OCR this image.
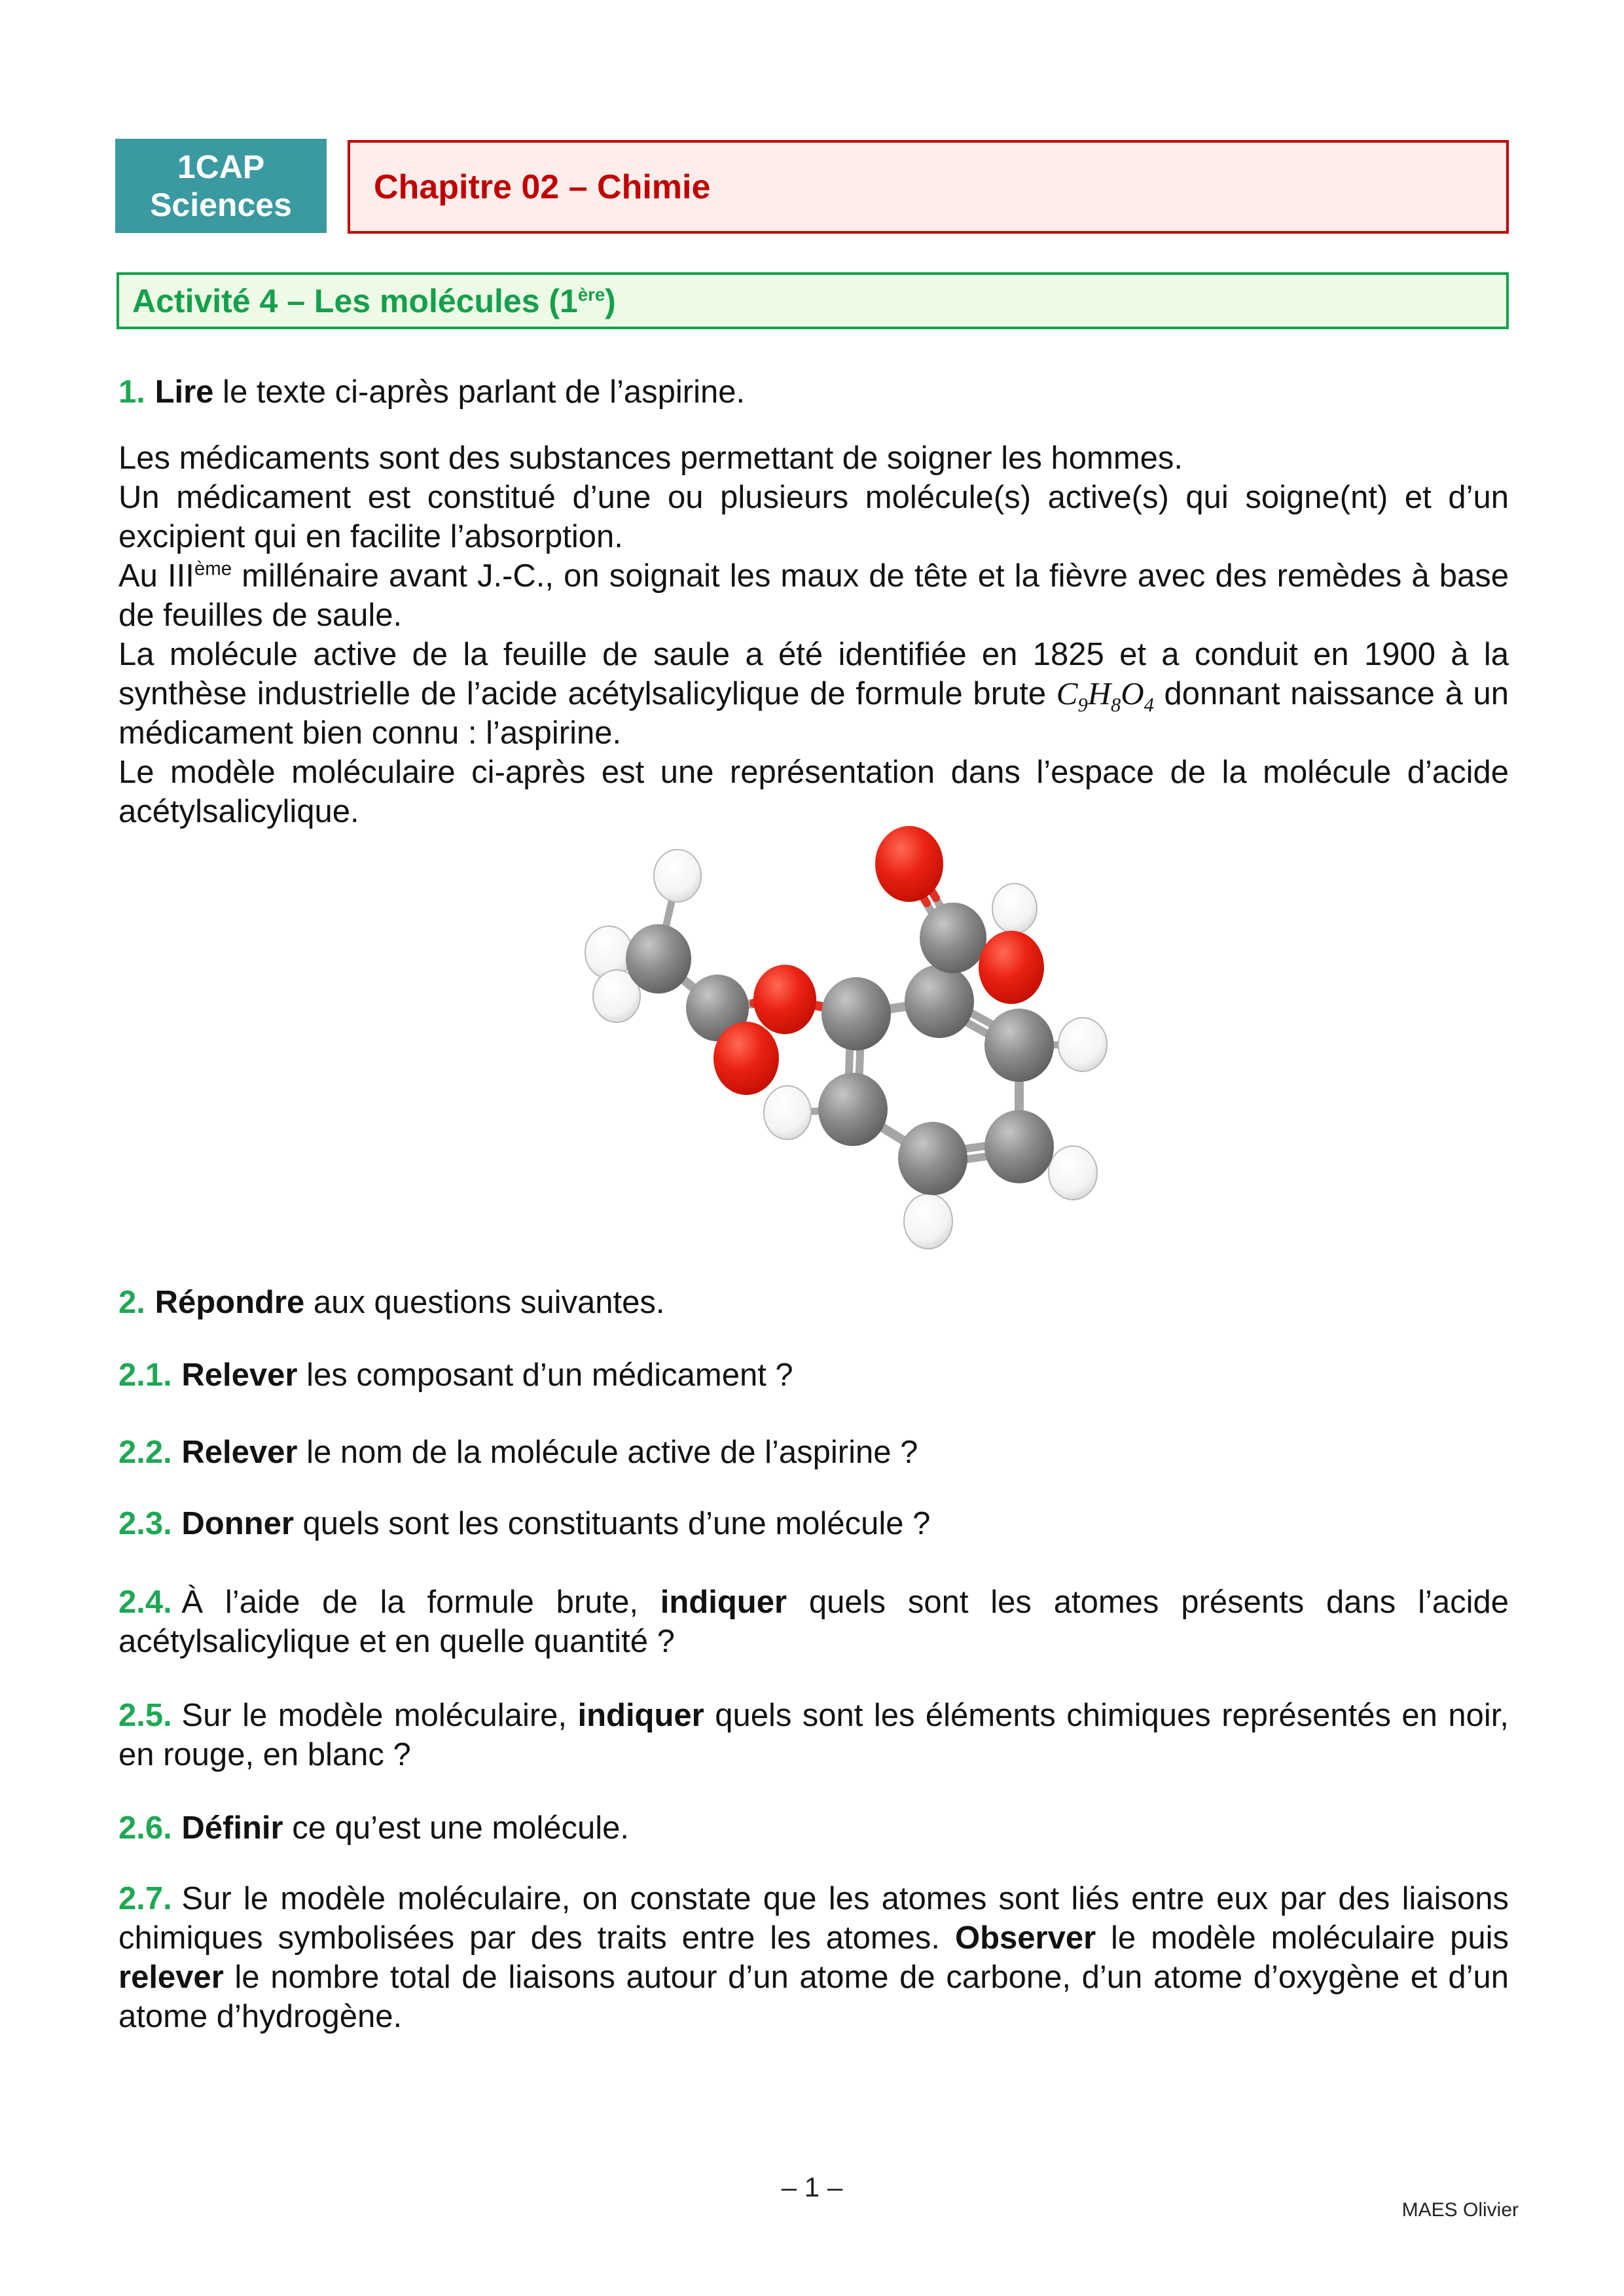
1CAP
Sciences	Chapitre 02 – Chimie
Activité 4 – Les molécules (1ère)

1. Lire le texte ci-après parlant de l’aspirine.

Les médicaments sont des substances permettant de soigner les hommes.

Un médicament est constitué d’une ou plusieurs molécule(s) active(s) qui soigne(nt) et d’un excipient qui en facilite l’absorption.

Au IIIème millénaire avant J.-C., on soignait les maux de tête et la fièvre avec des remèdes à base de feuilles de saule.

La molécule active de la feuille de saule a été identifiée en 1825 et a conduit en 1900 à la synthèse industrielle de l’acide acétylsalicylique de formule brute $C_9H_8O_4$ donnant naissance à un médicament bien connu : l’aspirine.

Le modèle moléculaire ci-après est une représentation dans l’espace de la molécule d’acide acétylsalicylique.

2. Répondre aux questions suivantes.

2.1. Relever les composant d’un médicament ?

2.2. Relever le nom de la molécule active de l’aspirine ?

2.3. Donner quels sont les constituants d’une molécule ?

2.4. À l’aide de la formule brute, indiquer quels sont les atomes présents dans l’acide acétylsalicylique et en quelle quantité ?

2.5. Sur le modèle moléculaire, indiquer quels sont les éléments chimiques représentés en noir, en rouge, en blanc ?

2.6. Définir ce qu’est une molécule.

2.7. Sur le modèle moléculaire, on constate que les atomes sont liés entre eux par des liaisons chimiques symbolisées par des traits entre les atomes. Observer le modèle moléculaire puis relever le nombre total de liaisons autour d’un atome de carbone, d’un atome d’oxygène et d’un atome d’hydrogène.

– 1 –
MAES Olivier
